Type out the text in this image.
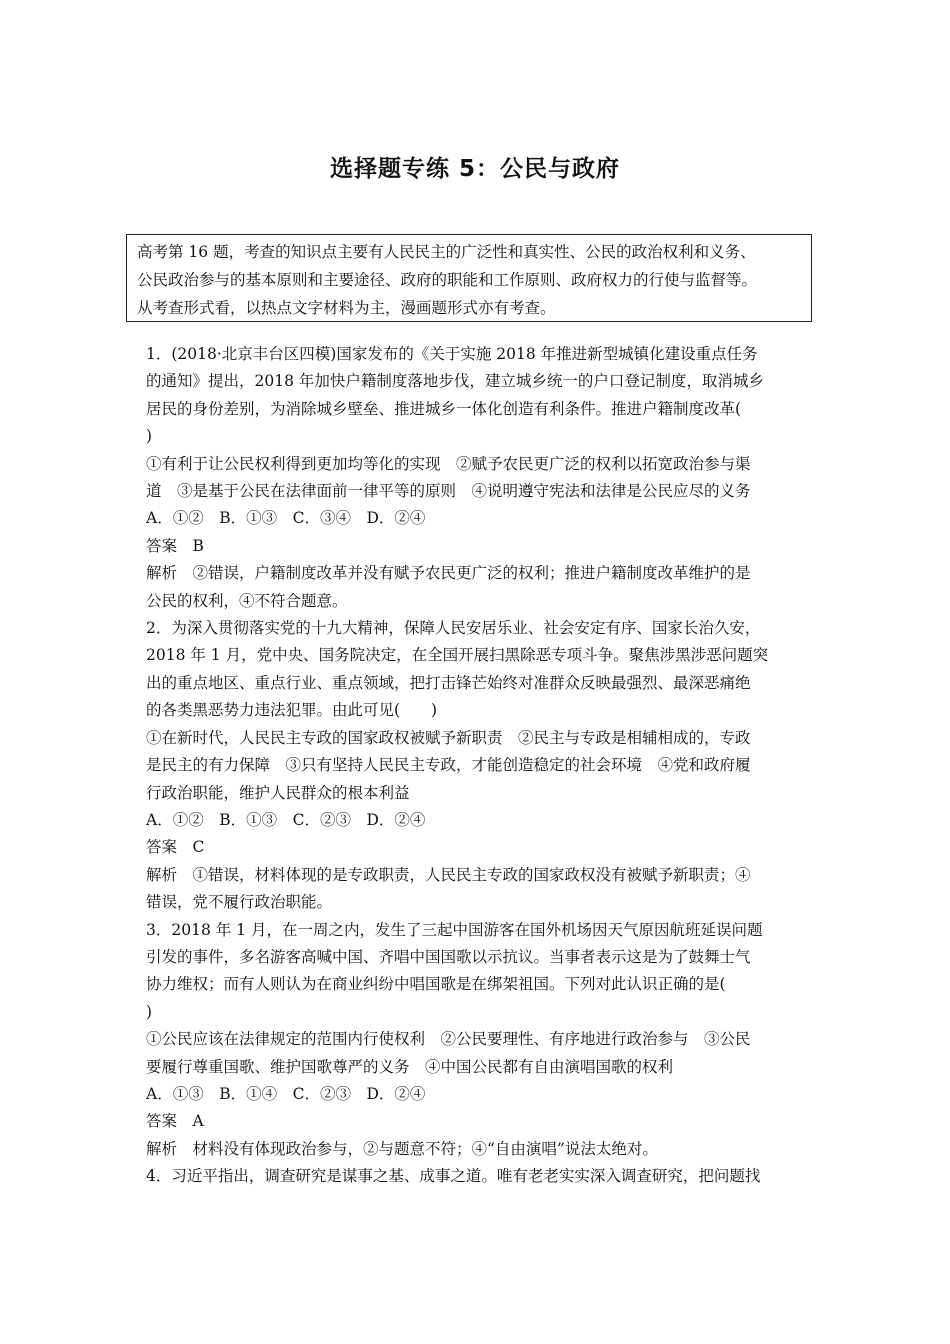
选择题专练 5：公民与政府
高考第 16 题，考查的知识点主要有人民民主的广泛性和真实性、公民的政治权利和义务、
公民政治参与的基本原则和主要途径、政府的职能和工作原则、政府权力的行使与监督等。
从考查形式看，以热点文字材料为主，漫画题形式亦有考查。
1．(2018·北京丰台区四模)国家发布的《关于实施 2018 年推进新型城镇化建设重点任务
的通知》提出，2018 年加快户籍制度落地步伐，建立城乡统一的户口登记制度，取消城乡
居民的身份差别，为消除城乡壁垒、推进城乡一体化创造有利条件。推进户籍制度改革(
)
①有利于让公民权利得到更加均等化的实现　②赋予农民更广泛的权利以拓宽政治参与渠
道　③是基于公民在法律面前一律平等的原则　④说明遵守宪法和法律是公民应尽的义务
A．①②　B．①③　C．③④　D．②④
答案　B
解析　②错误，户籍制度改革并没有赋予农民更广泛的权利；推进户籍制度改革维护的是
公民的权利，④不符合题意。
2．为深入贯彻落实党的十九大精神，保障人民安居乐业、社会安定有序、国家长治久安，
2018 年 1 月，党中央、国务院决定，在全国开展扫黑除恶专项斗争。聚焦涉黑涉恶问题突
出的重点地区、重点行业、重点领域，把打击锋芒始终对准群众反映最强烈、最深恶痛绝
的各类黑恶势力违法犯罪。由此可见(　　)
①在新时代，人民民主专政的国家政权被赋予新职责　②民主与专政是相辅相成的，专政
是民主的有力保障　③只有坚持人民民主专政，才能创造稳定的社会环境　④党和政府履
行政治职能，维护人民群众的根本利益
A．①②　B．①③　C．②③　D．②④
答案　C
解析　①错误，材料体现的是专政职责，人民民主专政的国家政权没有被赋予新职责；④
错误，党不履行政治职能。
3．2018 年 1 月，在一周之内，发生了三起中国游客在国外机场因天气原因航班延误问题
引发的事件，多名游客高喊中国、齐唱中国国歌以示抗议。当事者表示这是为了鼓舞士气
协力维权；而有人则认为在商业纠纷中唱国歌是在绑架祖国。下列对此认识正确的是(
)
①公民应该在法律规定的范围内行使权利　②公民要理性、有序地进行政治参与　③公民
要履行尊重国歌、维护国歌尊严的义务　④中国公民都有自由演唱国歌的权利
A．①③　B．①④　C．②③　D．②④
答案　A
解析　材料没有体现政治参与，②与题意不符；④“自由演唱”说法太绝对。
4．习近平指出，调查研究是谋事之基、成事之道。唯有老老实实深入调查研究，把问题找
